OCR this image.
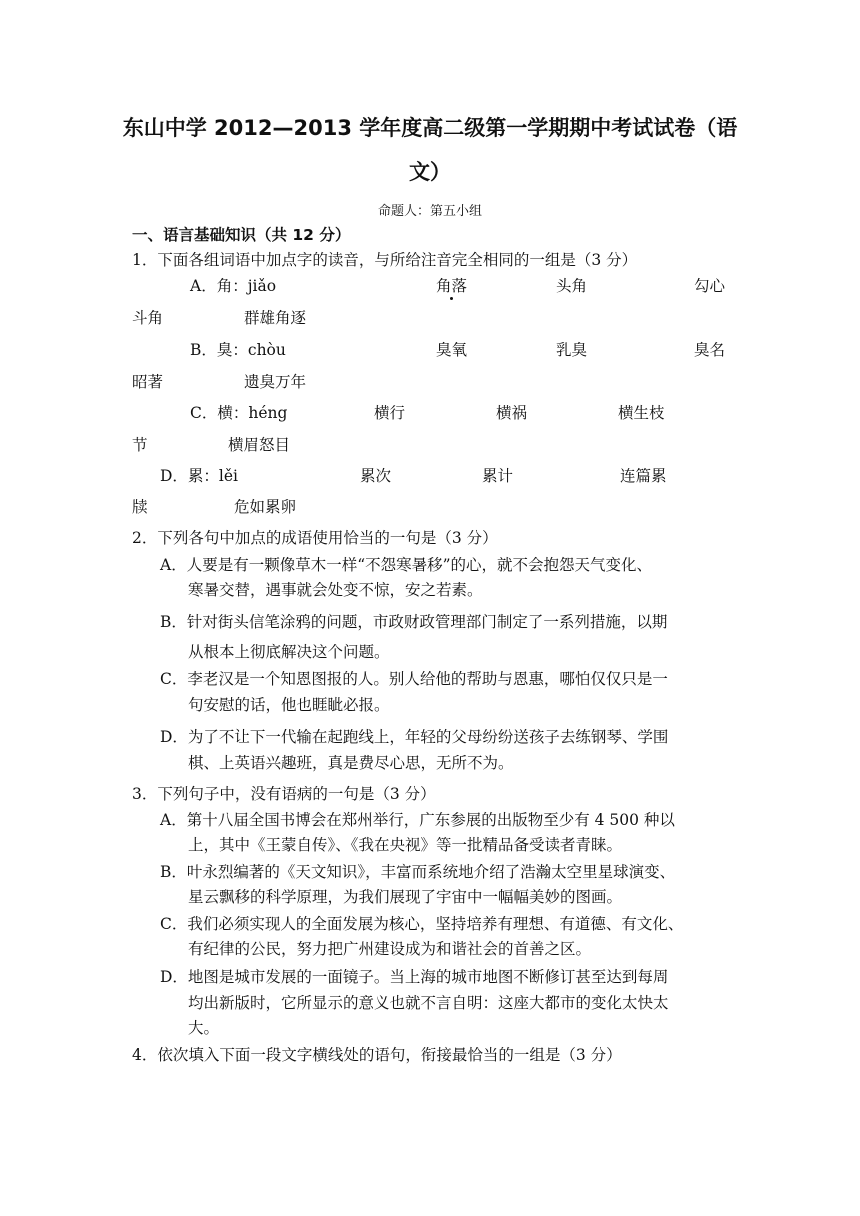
东山中学 2012—2013 学年度高二级第一学期期中考试试卷（语
文）
命题人：第五小组
一、语言基础知识（共 12 分）
1．下面各组词语中加点字的读音，与所给注音完全相同的一组是（3 分）
A．角：jiǎo	角落	头角	勾心
斗角	群雄角逐
B．臭：chòu	臭氧	乳臭	臭名
昭著	遗臭万年
C．横：héng	横行	横祸	横生枝
节	横眉怒目
D．累：lěi	累次	累计	连篇累
牍	危如累卵
2．下列各句中加点的成语使用恰当的一句是（3 分）
A．人要是有一颗像草木一样“不怨寒暑移”的心，就不会抱怨天气变化、
寒暑交替，遇事就会处变不惊，安之若素。
B．针对街头信笔涂鸦的问题，市政财政管理部门制定了一系列措施，以期
从根本上彻底解决这个问题。
C．李老汉是一个知恩图报的人。别人给他的帮助与恩惠，哪怕仅仅只是一
句安慰的话，他也睚眦必报。
D．为了不让下一代输在起跑线上，年轻的父母纷纷送孩子去练钢琴、学围
棋、上英语兴趣班，真是费尽心思，无所不为。
3．下列句子中，没有语病的一句是（3 分）
A．第十八届全国书博会在郑州举行，广东参展的出版物至少有 4 500 种以
上，其中《王蒙自传》、《我在央视》等一批精品备受读者青睐。
B．叶永烈编著的《天文知识》，丰富而系统地介绍了浩瀚太空里星球演变、
星云飘移的科学原理，为我们展现了宇宙中一幅幅美妙的图画。
C．我们必须实现人的全面发展为核心，坚持培养有理想、有道德、有文化、
有纪律的公民，努力把广州建设成为和谐社会的首善之区。
D．地图是城市发展的一面镜子。当上海的城市地图不断修订甚至达到每周
均出新版时，它所显示的意义也就不言自明：这座大都市的变化太快太
大。
4．依次填入下面一段文字横线处的语句，衔接最恰当的一组是（3 分）
